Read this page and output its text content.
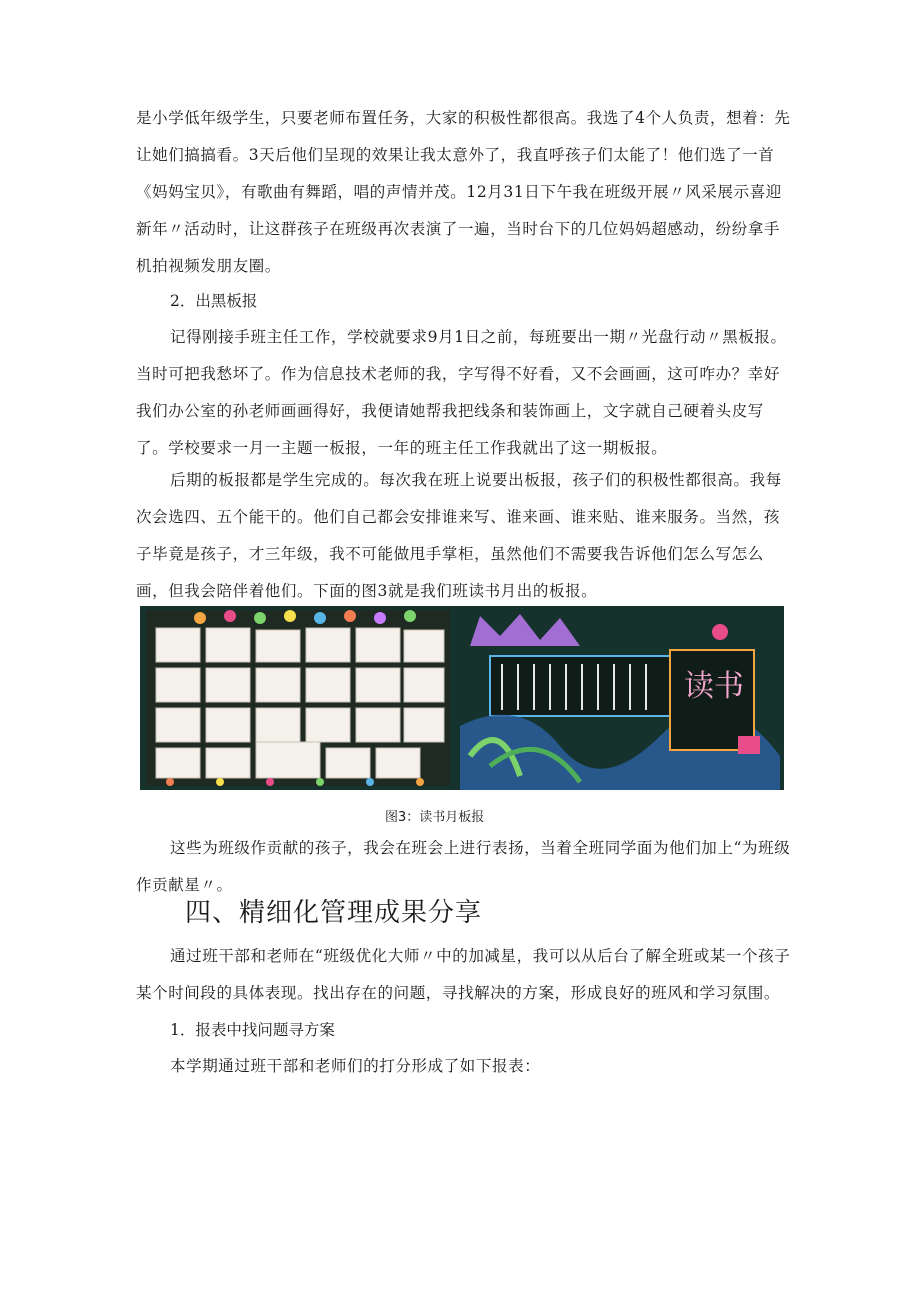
是小学低年级学生，只要老师布置任务，大家的积极性都很高。我选了4个人负责，想着：先让她们搞搞看。3天后他们呈现的效果让我太意外了，我直呼孩子们太能了！他们选了一首《妈妈宝贝》，有歌曲有舞蹈，唱的声情并茂。12月31日下午我在班级开展〃风采展示喜迎新年〃活动时，让这群孩子在班级再次表演了一遍，当时台下的几位妈妈超感动，纷纷拿手机拍视频发朋友圈。

2．出黑板报

记得刚接手班主任工作，学校就要求9月1日之前，每班要出一期〃光盘行动〃黑板报。当时可把我愁坏了。作为信息技术老师的我，字写得不好看，又不会画画，这可咋办？幸好我们办公室的孙老师画画得好，我便请她帮我把线条和装饰画上，文字就自己硬着头皮写了。学校要求一月一主题一板报，一年的班主任工作我就出了这一期板报。

后期的板报都是学生完成的。每次我在班上说要出板报，孩子们的积极性都很高。我每次会选四、五个能干的。他们自己都会安排谁来写、谁来画、谁来贴、谁来服务。当然，孩子毕竟是孩子，才三年级，我不可能做甩手掌柜，虽然他们不需要我告诉他们怎么写怎么画，但我会陪伴着他们。下面的图3就是我们班读书月出的板报。

读书

图3：读书月板报

这些为班级作贡献的孩子，我会在班会上进行表扬，当着全班同学面为他们加上“为班级作贡献星〃。

四、精细化管理成果分享

通过班干部和老师在“班级优化大师〃中的加减星，我可以从后台了解全班或某一个孩子某个时间段的具体表现。找出存在的问题，寻找解决的方案，形成良好的班风和学习氛围。

1．报表中找问题寻方案

本学期通过班干部和老师们的打分形成了如下报表：
